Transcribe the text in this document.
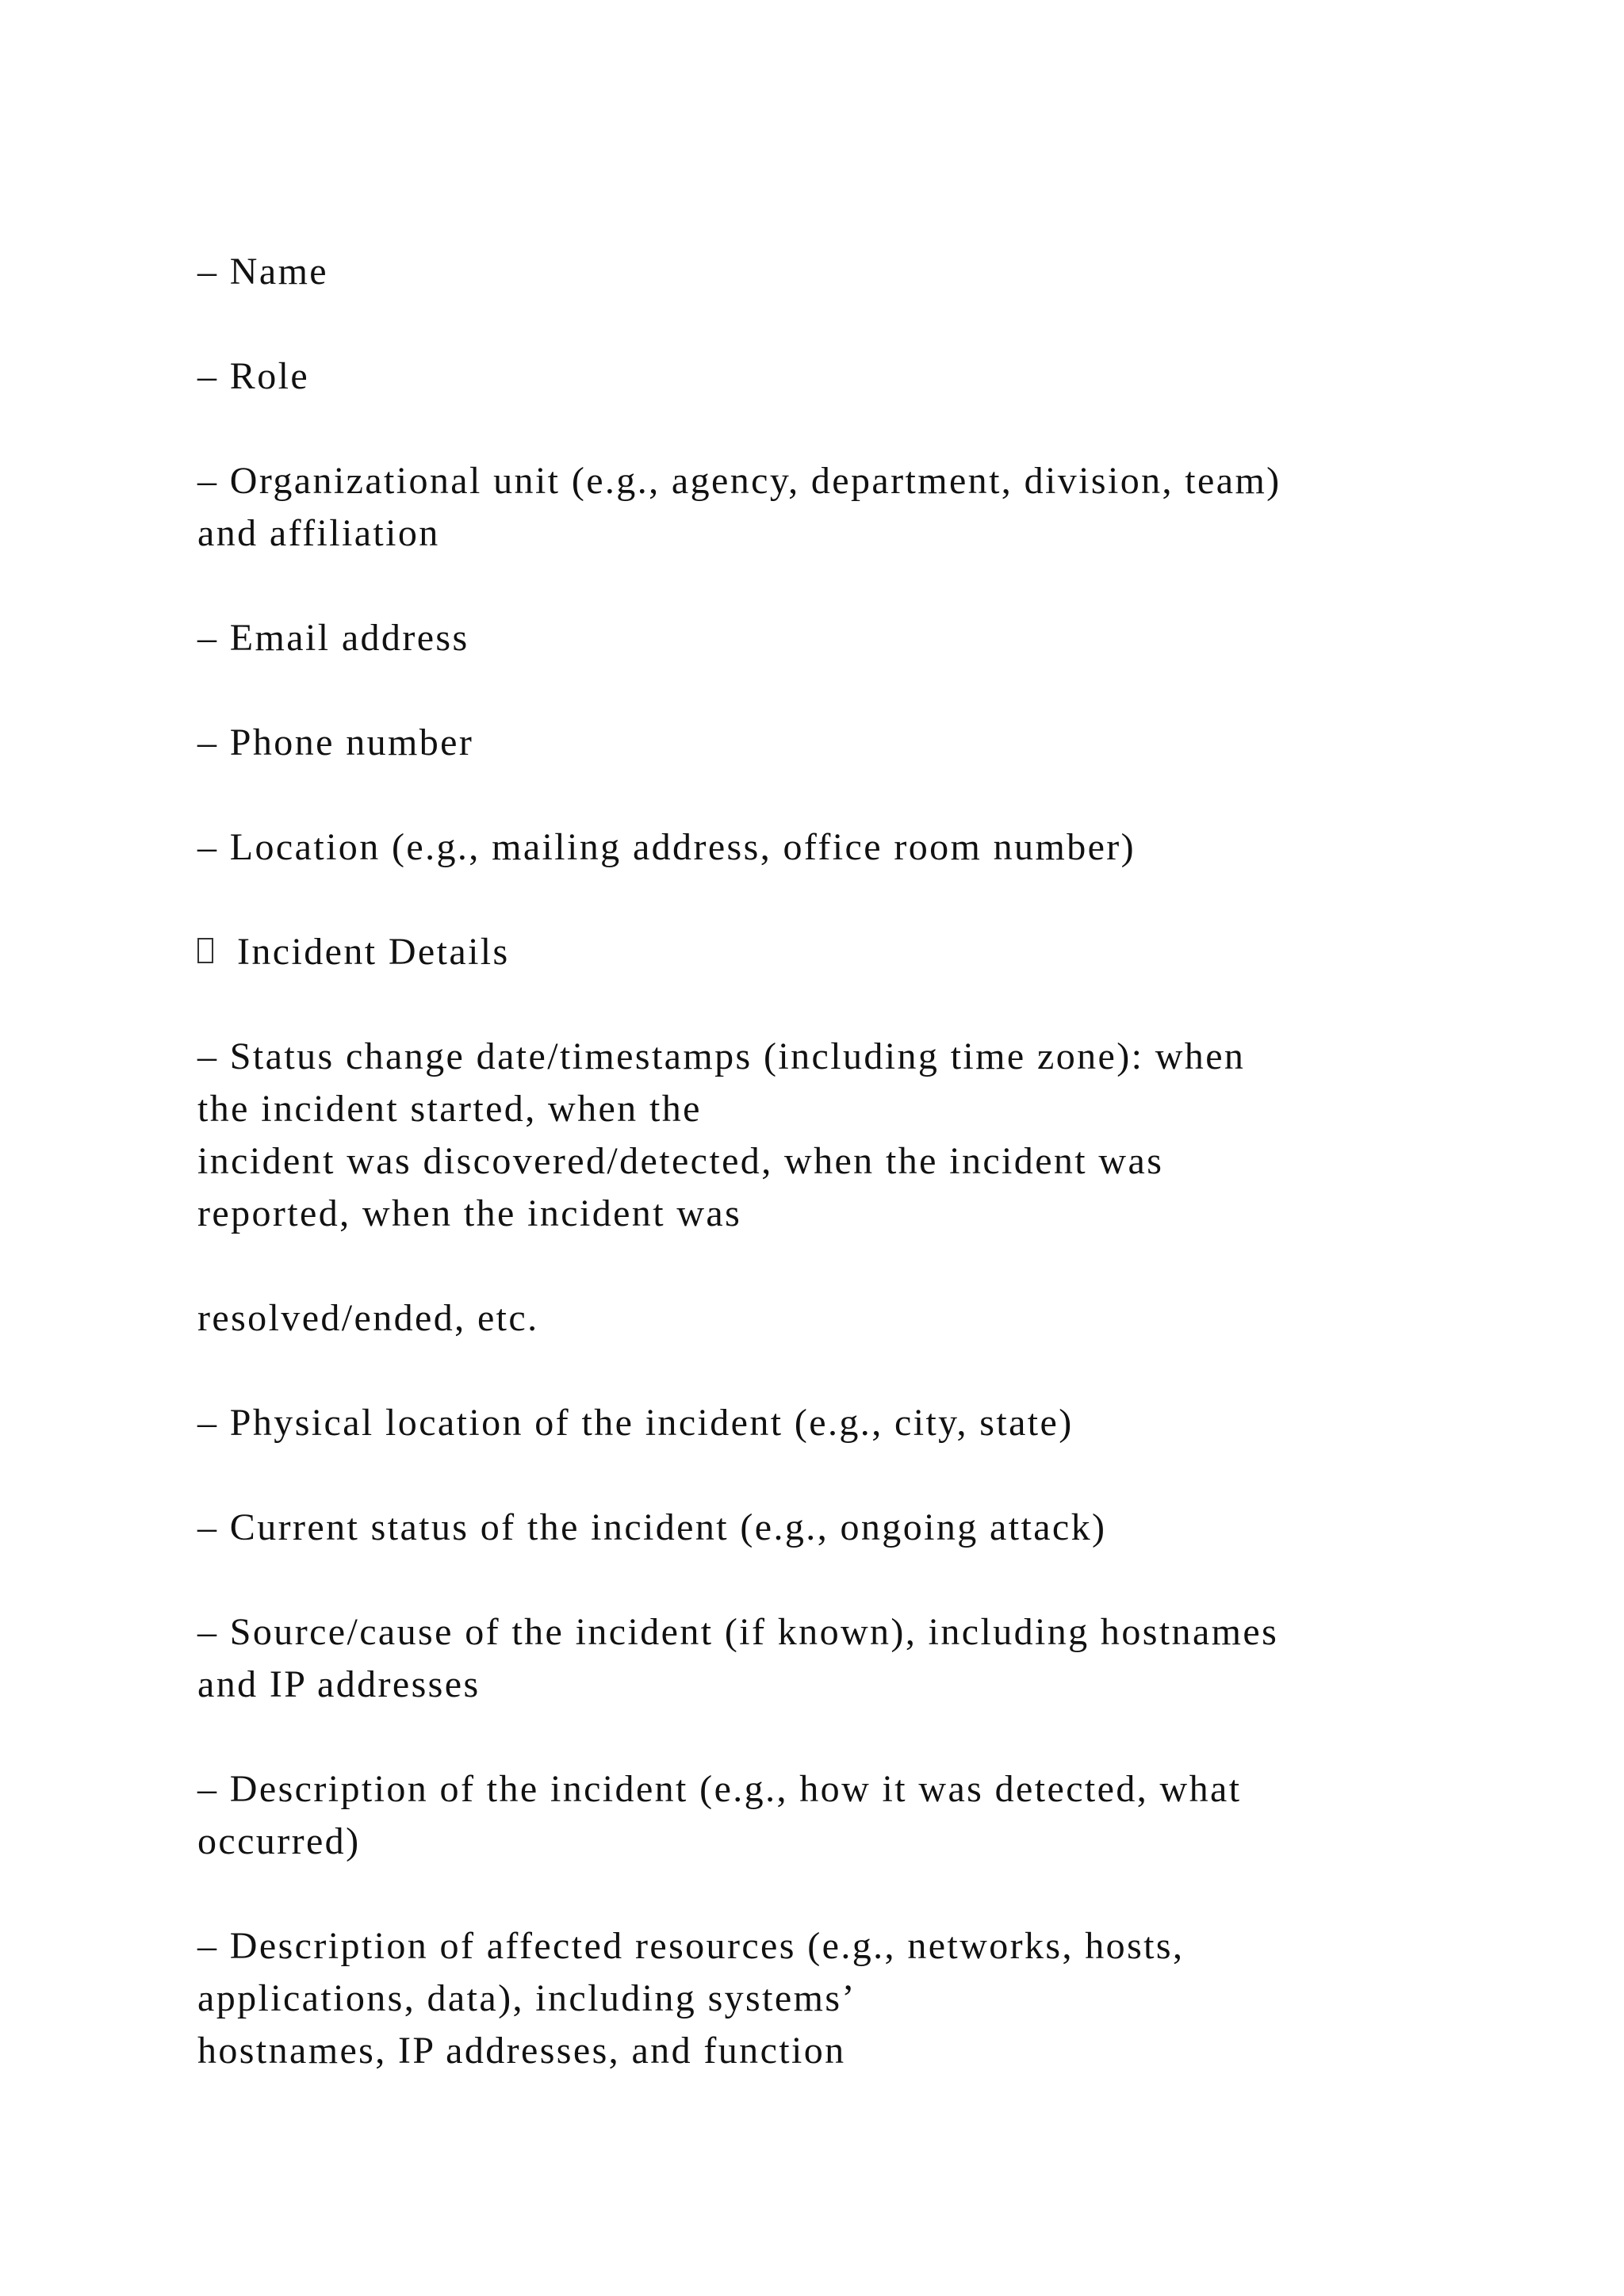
– Name

– Role

– Organizational unit (e.g., agency, department, division, team)
and affiliation

– Email address

– Phone number

– Location (e.g., mailing address, office room number)

Incident Details

– Status change date/timestamps (including time zone): when
the incident started, when the
incident was discovered/detected, when the incident was
reported, when the incident was

resolved/ended, etc.

– Physical location of the incident (e.g., city, state)

– Current status of the incident (e.g., ongoing attack)

– Source/cause of the incident (if known), including hostnames
and IP addresses

– Description of the incident (e.g., how it was detected, what
occurred)

– Description of affected resources (e.g., networks, hosts,
applications, data), including systems’
hostnames, IP addresses, and function
